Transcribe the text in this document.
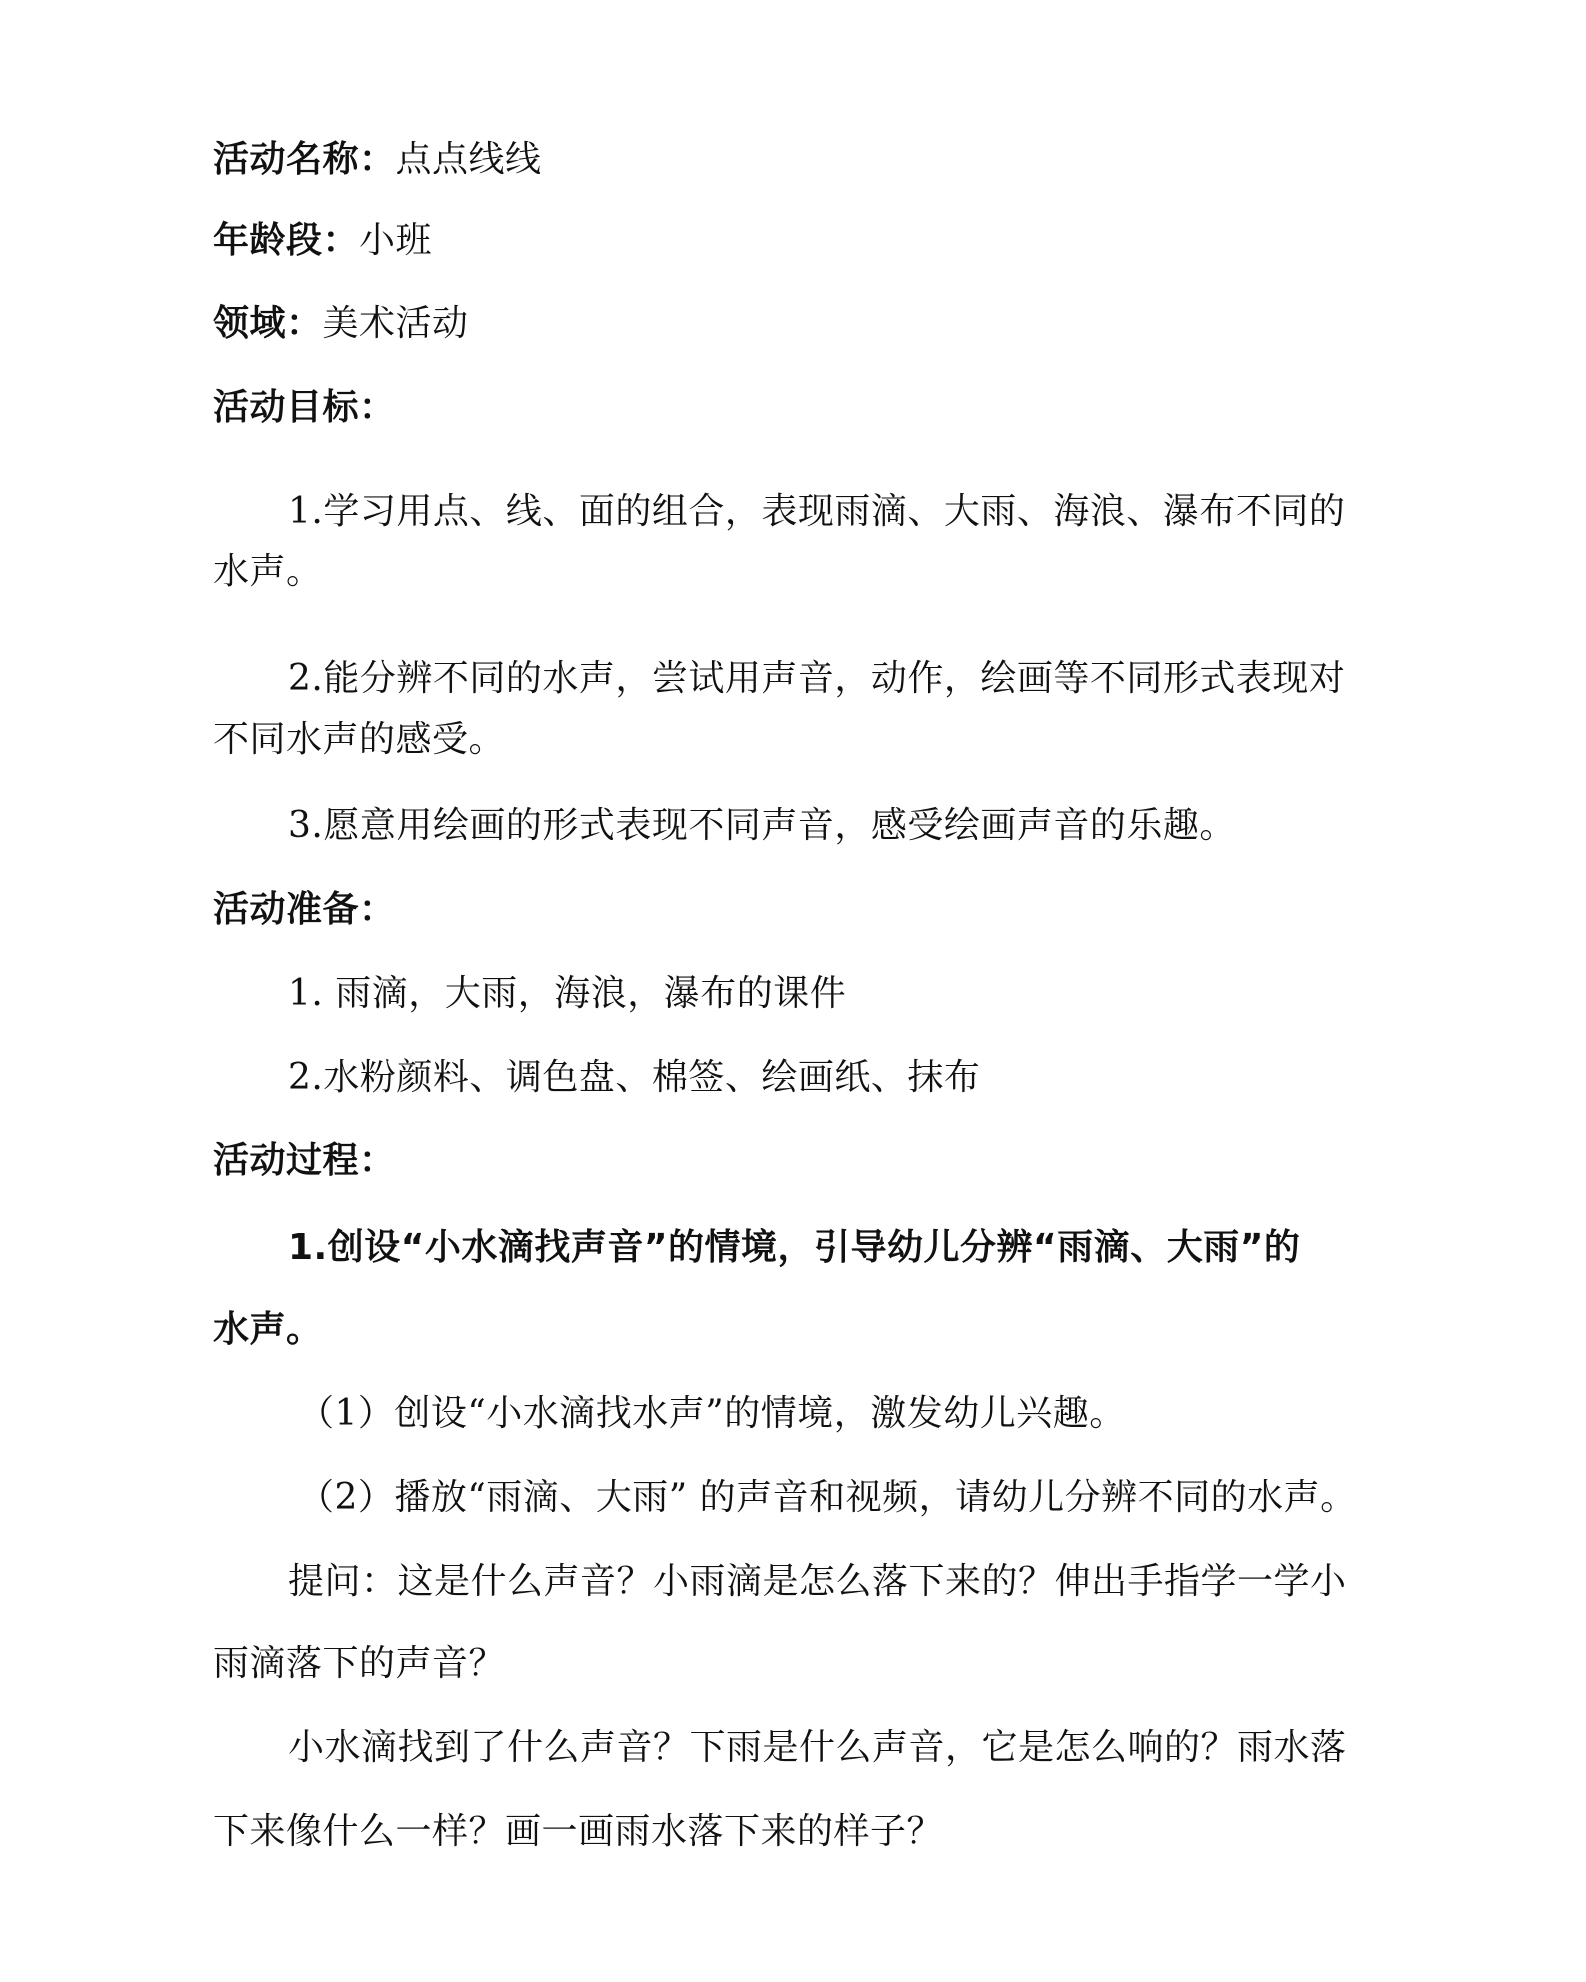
活动名称：点点线线
年龄段：小班
领域：美术活动
活动目标：
1.学习用点、线、面的组合，表现雨滴、大雨、海浪、瀑布不同的
水声。
2.能分辨不同的水声，尝试用声音，动作，绘画等不同形式表现对
不同水声的感受。
3.愿意用绘画的形式表现不同声音，感受绘画声音的乐趣。
活动准备：
1. 雨滴，大雨，海浪，瀑布的课件
2.水粉颜料、调色盘、棉签、绘画纸、抹布
活动过程：
1.创设“小水滴找声音”的情境，引导幼儿分辨“雨滴、大雨”的
水声。
（1）创设“小水滴找水声”的情境，激发幼儿兴趣。
（2）播放“雨滴、大雨” 的声音和视频，请幼儿分辨不同的水声。
提问：这是什么声音？小雨滴是怎么落下来的？伸出手指学一学小
雨滴落下的声音？
小水滴找到了什么声音？下雨是什么声音，它是怎么响的？雨水落
下来像什么一样？画一画雨水落下来的样子？
